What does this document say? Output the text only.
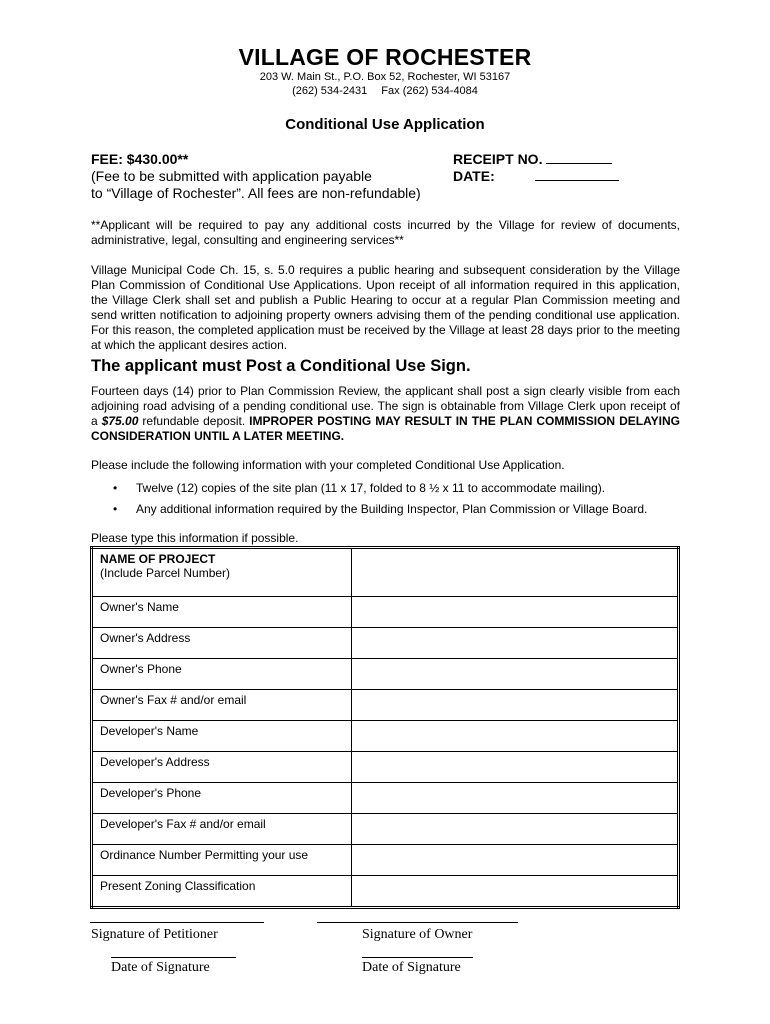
VILLAGE OF ROCHESTER
203 W. Main St., P.O. Box 52, Rochester, WI 53167
(262) 534-2431 Fax (262) 534-4084
Conditional Use Application
FEE: $430.00**
(Fee to be submitted with application payable
to “Village of Rochester”. All fees are non-refundable)
RECEIPT NO.
DATE:
**Applicant will be required to pay any additional costs incurred by the Village for review of documents, administrative, legal, consulting and engineering services**
Village Municipal Code Ch. 15, s. 5.0 requires a public hearing and subsequent consideration by the Village Plan Commission of Conditional Use Applications. Upon receipt of all information required in this application, the Village Clerk shall set and publish a Public Hearing to occur at a regular Plan Commission meeting and send written notification to adjoining property owners advising them of the pending conditional use application. For this reason, the completed application must be received by the Village at least 28 days prior to the meeting at which the applicant desires action.
The applicant must Post a Conditional Use Sign.
Fourteen days (14) prior to Plan Commission Review, the applicant shall post a sign clearly visible from each adjoining road advising of a pending conditional use. The sign is obtainable from Village Clerk upon receipt of a $75.00 refundable deposit. IMPROPER POSTING MAY RESULT IN THE PLAN COMMISSION DELAYING CONSIDERATION UNTIL A LATER MEETING.
Please include the following information with your completed Conditional Use Application.
• Twelve (12) copies of the site plan (11 x 17, folded to 8 ½ x 11 to accommodate mailing).
• Any additional information required by the Building Inspector, Plan Commission or Village Board.
Please type this information if possible.
NAME OF PROJECT
(Include Parcel Number)	

Owner's Name	
Owner's Address	
Owner's Phone	
Owner's Fax # and/or email	
Developer's Name	
Developer's Address	
Developer's Phone	
Developer's Fax # and/or email	
Ordinance Number Permitting your use	
Present Zoning Classification	
Signature of Petitioner	Signature of Owner
Date of Signature	Date of Signature
